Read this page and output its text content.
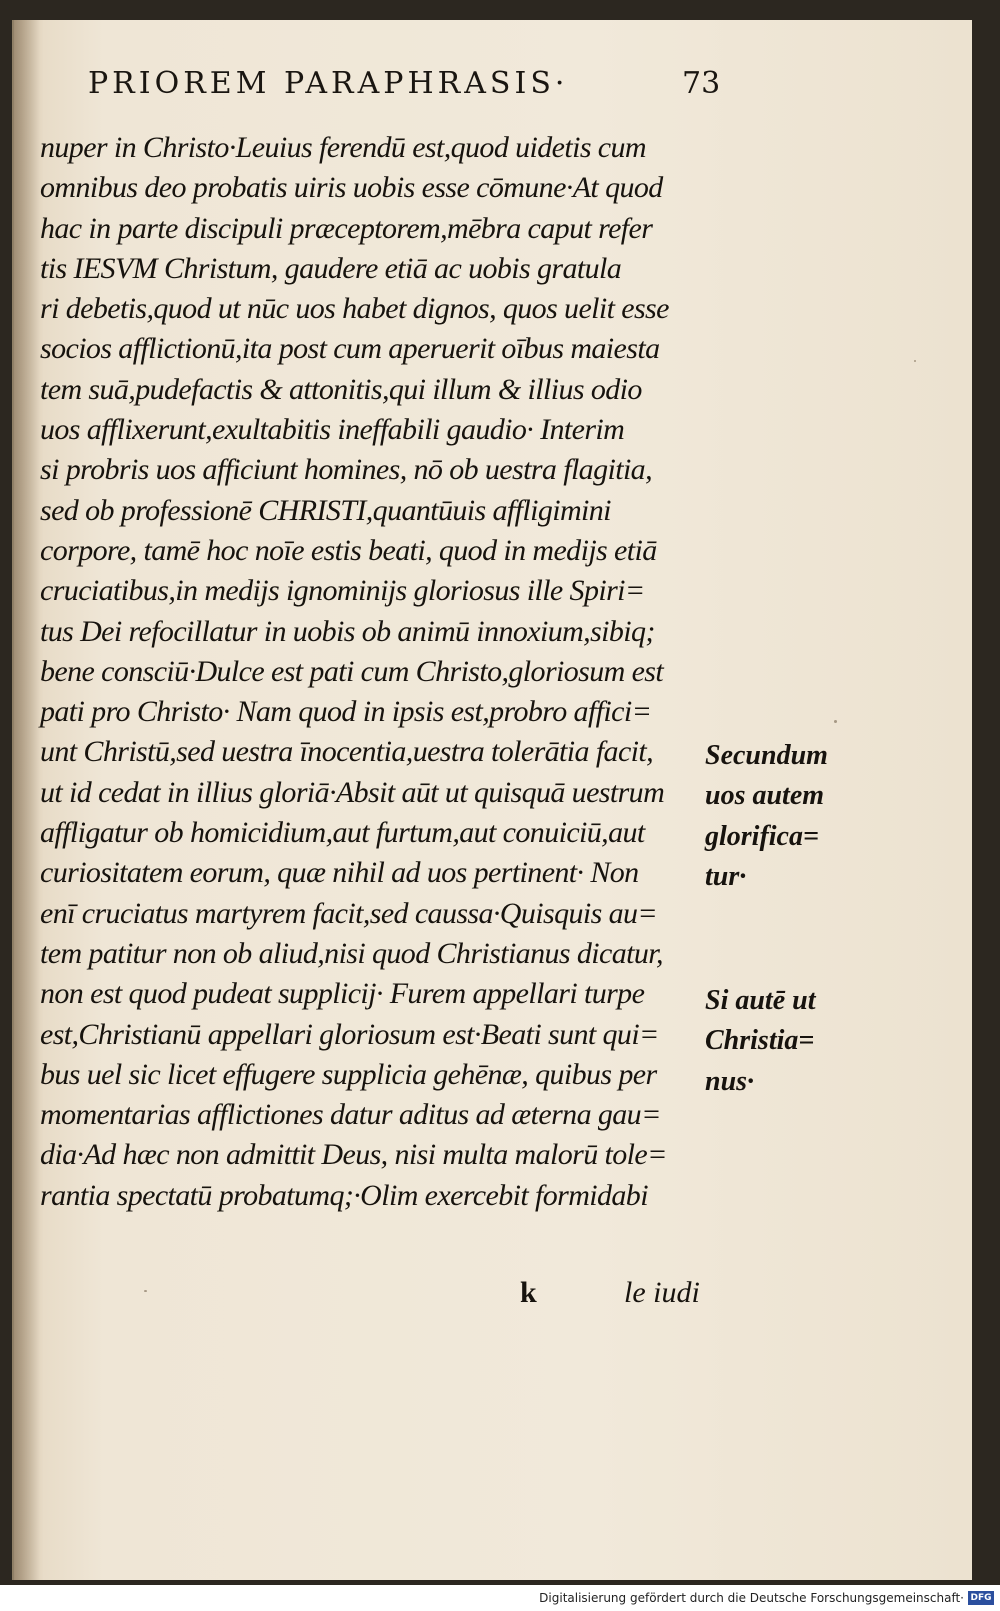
PRIOREM PARAPHRASIS·	73
nuper in Christo·Leuius ferendū est,quod uidetis cum
omnibus deo probatis uiris uobis esse cōmune·At quod
hac in parte discipuli præceptorem,mēbra caput refer
tis IESVM Christum, gaudere etiā ac uobis gratula
ri debetis,quod ut nūc uos habet dignos, quos uelit esse
socios afflictionū,ita post cum aperuerit oībus maiesta
tem suā,pudefactis & attonitis,qui illum & illius odio
uos afflixerunt,exultabitis ineffabili gaudio· Interim
si probris uos afficiunt homines, nō ob uestra flagitia,
sed ob professionē CHRISTI,quantūuis affligimini
corpore, tamē hoc noīe estis beati, quod in medijs etiā
cruciatibus,in medijs ignominijs gloriosus ille Spiri=
tus Dei refocillatur in uobis ob animū innoxium,sibiq;
bene consciū·Dulce est pati cum Christo,gloriosum est
pati pro Christo· Nam quod in ipsis est,probro affici=
unt Christū,sed uestra īnocentia,uestra tolerātia facit,
ut id cedat in illius gloriā·Absit aūt ut quisquā uestrum
affligatur ob homicidium,aut furtum,aut conuiciū,aut
curiositatem eorum, quæ nihil ad uos pertinent· Non
enī cruciatus martyrem facit,sed caussa·Quisquis au=
tem patitur non ob aliud,nisi quod Christianus dicatur,
non est quod pudeat supplicij· Furem appellari turpe
est,Christianū appellari gloriosum est·Beati sunt qui=
bus uel sic licet effugere supplicia gehēnæ, quibus per
momentarias afflictiones datur aditus ad æterna gau=
dia·Ad hæc non admittit Deus, nisi multa malorū tole=
rantia spectatū probatumq;·Olim exercebit formidabi
Secundum
uos autem
glorifica=
tur·
Si autē ut
Christia=
nus·
k	le iudi
Digitalisierung gefördert durch die Deutsche Forschungsgemeinschaft· DFG
